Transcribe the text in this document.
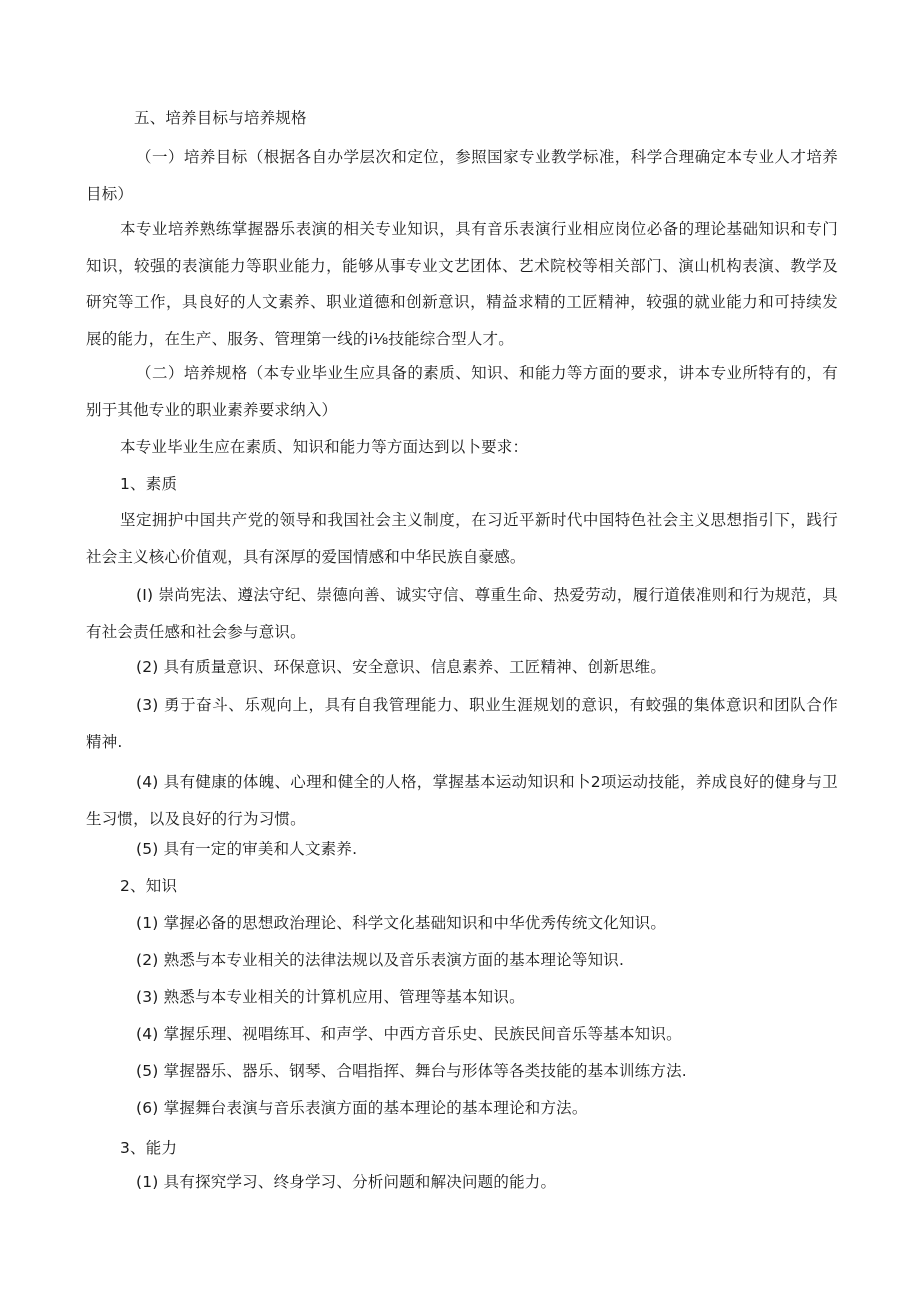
五、培养目标与培养规格
（一）培养目标（根据各自办学层次和定位，参照国家专业教学标准，科学合理确定本专业人才培养目标）
本专业培养熟练掌握器乐表演的相关专业知识，具有音乐表演行业相应岗位必备的理论基础知识和专门知识，较强的表演能力等职业能力，能够从事专业文艺团体、艺术院校等相关部门、演山机构表演、教学及研究等工作，具良好的人文素养、职业道德和创新意识，精益求精的工匠精神，较强的就业能力和可持续发展的能力，在生产、服务、管理第一线的i⅛技能综合型人才。
（二）培养规格（本专业毕业生应具备的素质、知识、和能力等方面的要求，讲本专业所特有的，有别于其他专业的职业素养要求纳入）
本专业毕业生应在素质、知识和能力等方面达到以卜要求：
1、素质
坚定拥护中国共产党的领导和我国社会主义制度，在习近平新时代中国特色社会主义思想指引下，践行社会主义核心价值观，具有深厚的爱国情感和中华民族自豪感。
(I) 崇尚宪法、遵法守纪、崇德向善、诚实守信、尊重生命、热爱劳动，履行道俵准则和行为规范，具有社会责任感和社会参与意识。
(2) 具有质量意识、环保意识、安全意识、信息素养、工匠精神、创新思维。
(3) 勇于奋斗、乐观向上，具有自我管理能力、职业生涯规划的意识，有蛟强的集体意识和团队合作精神.
(4) 具有健康的体魄、心理和健全的人格，掌握基本运动知识和卜2项运动技能，养成良好的健身与卫生习惯，以及良好的行为习惯。
(5) 具有一定的审美和人文素养.
2、知识
(1) 掌握必备的思想政治理论、科学文化基础知识和中华优秀传统文化知识。
(2) 熟悉与本专业相关的法律法规以及音乐表演方面的基本理论等知识.
(3) 熟悉与本专业相关的计算机应用、管理等基本知识。
(4) 掌握乐理、视唱练耳、和声学、中西方音乐史、民族民间音乐等基本知识。
(5) 掌握器乐、器乐、钢琴、合唱指挥、舞台与形体等各类技能的基本训练方法.
(6) 掌握舞台表演与音乐表演方面的基本理论的基本理论和方法。
3、能力
(1) 具有探究学习、终身学习、分析问题和解决问题的能力。
